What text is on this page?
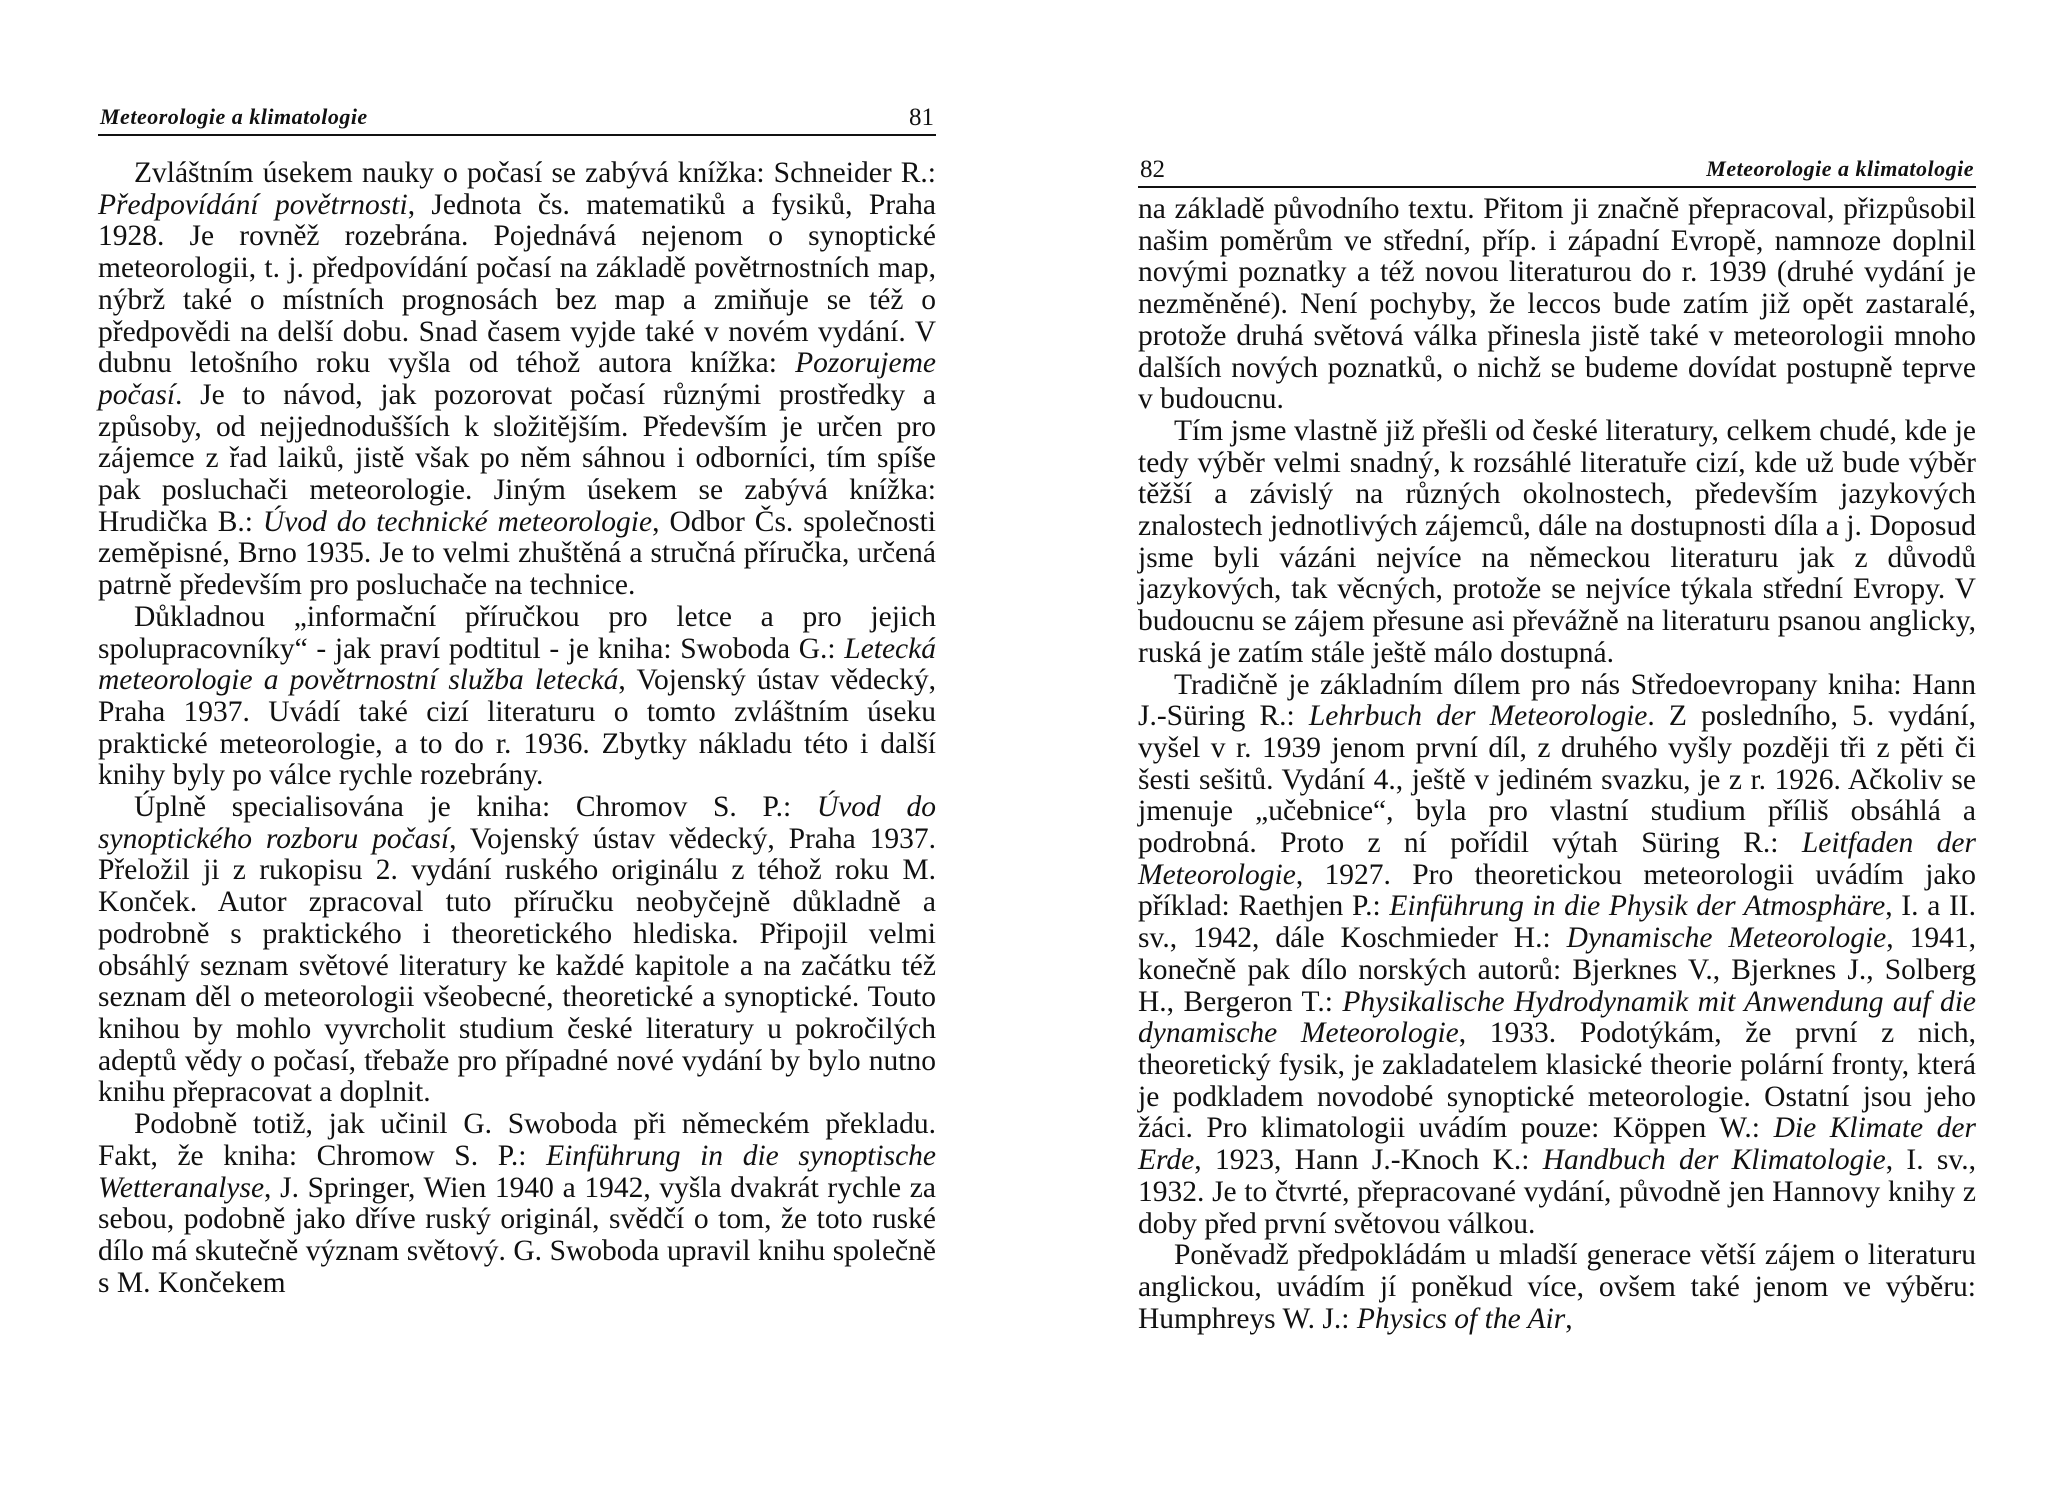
Meteorologie a klimatologie	81

Zvláštním úsekem nauky o počasí se zabývá knížka: Schneider R.: Předpovídání povětrnosti, Jednota čs. matematiků a fysiků, Praha 1928. Je rovněž rozebrána. Pojednává nejenom o synoptické meteorologii, t. j. předpovídání počasí na základě povětrnostních map, nýbrž také o místních prognosách bez map a zmiňuje se též o předpovědi na delší dobu. Snad časem vyjde také v novém vydání. V dubnu letošního roku vyšla od téhož autora knížka: Pozorujeme počasí. Je to návod, jak pozorovat počasí různými prostředky a způsoby, od nejjednodušších k složitějším. Především je určen pro zájemce z řad laiků, jistě však po něm sáhnou i odborníci, tím spíše pak posluchači meteorologie. Jiným úsekem se zabývá knížka: Hrudička B.: Úvod do technické meteorologie, Odbor Čs. společnosti zeměpisné, Brno 1935. Je to velmi zhuštěná a stručná příručka, určená patrně především pro posluchače na technice.

Důkladnou „informační příručkou pro letce a pro jejich spolupracovníky“ - jak praví podtitul - je kniha: Swoboda G.: Letecká meteorologie a povětrnostní služba letecká, Vojenský ústav vědecký, Praha 1937. Uvádí také cizí literaturu o tomto zvláštním úseku praktické meteorologie, a to do r. 1936. Zbytky nákladu této i další knihy byly po válce rychle rozebrány.

Úplně specialisována je kniha: Chromov S. P.: Úvod do synoptického rozboru počasí, Vojenský ústav vědecký, Praha 1937. Přeložil ji z rukopisu 2. vydání ruského originálu z téhož roku M. Konček. Autor zpracoval tuto příručku neobyčejně důkladně a podrobně s praktického i theoretického hlediska. Připojil velmi obsáhlý seznam světové literatury ke každé kapitole a na začátku též seznam děl o meteorologii všeobecné, theoretické a synoptické. Touto knihou by mohlo vyvrcholit studium české literatury u pokročilých adeptů vědy o počasí, třebaže pro případné nové vydání by bylo nutno knihu přepracovat a doplnit.

Podobně totiž, jak učinil G. Swoboda při německém překladu. Fakt, že kniha: Chromow S. P.: Einführung in die synoptische Wetteranalyse, J. Springer, Wien 1940 a 1942, vyšla dvakrát rychle za sebou, podobně jako dříve ruský originál, svědčí o tom, že toto ruské dílo má skutečně význam světový. G. Swoboda upravil knihu společně s M. Končekem

82	Meteorologie a klimatologie

na základě původního textu. Přitom ji značně přepracoval, přizpůsobil našim poměrům ve střední, příp. i západní Evropě, namnoze doplnil novými poznatky a též novou literaturou do r. 1939 (druhé vydání je nezměněné). Není pochyby, že leccos bude zatím již opět zastaralé, protože druhá světová válka přinesla jistě také v meteorologii mnoho dalších nových poznatků, o nichž se budeme dovídat postupně teprve v budoucnu.

Tím jsme vlastně již přešli od české literatury, celkem chudé, kde je tedy výběr velmi snadný, k rozsáhlé literatuře cizí, kde už bude výběr těžší a závislý na různých okolnostech, především jazykových znalostech jednotlivých zájemců, dále na dostupnosti díla a j. Doposud jsme byli vázáni nejvíce na německou literaturu jak z důvodů jazykových, tak věcných, protože se nejvíce týkala střední Evropy. V budoucnu se zájem přesune asi převážně na literaturu psanou anglicky, ruská je zatím stále ještě málo dostupná.

Tradičně je základním dílem pro nás Středoevropany kniha: Hann J.-Süring R.: Lehrbuch der Meteorologie. Z posledního, 5. vydání, vyšel v r. 1939 jenom první díl, z druhého vyšly později tři z pěti či šesti sešitů. Vydání 4., ještě v jediném svazku, je z r. 1926. Ačkoliv se jmenuje „učebnice“, byla pro vlastní studium příliš obsáhlá a podrobná. Proto z ní pořídil výtah Süring R.: Leitfaden der Meteorologie, 1927. Pro theoretickou meteorologii uvádím jako příklad: Raethjen P.: Einführung in die Physik der Atmosphäre, I. a II. sv., 1942, dále Koschmieder H.: Dynamische Meteorologie, 1941, konečně pak dílo norských autorů: Bjerknes V., Bjerknes J., Solberg H., Bergeron T.: Physikalische Hydrodynamik mit Anwendung auf die dynamische Meteorologie, 1933. Podotýkám, že první z nich, theoretický fysik, je zakladatelem klasické theorie polární fronty, která je podkladem novodobé synoptické meteorologie. Ostatní jsou jeho žáci. Pro klimatologii uvádím pouze: Köppen W.: Die Klimate der Erde, 1923, Hann J.-Knoch K.: Handbuch der Klimatologie, I. sv., 1932. Je to čtvrté, přepracované vydání, původně jen Hannovy knihy z doby před první světovou válkou.

Poněvadž předpokládám u mladší generace větší zájem o literaturu anglickou, uvádím jí poněkud více, ovšem také jenom ve výběru: Humphreys W. J.: Physics of the Air,
